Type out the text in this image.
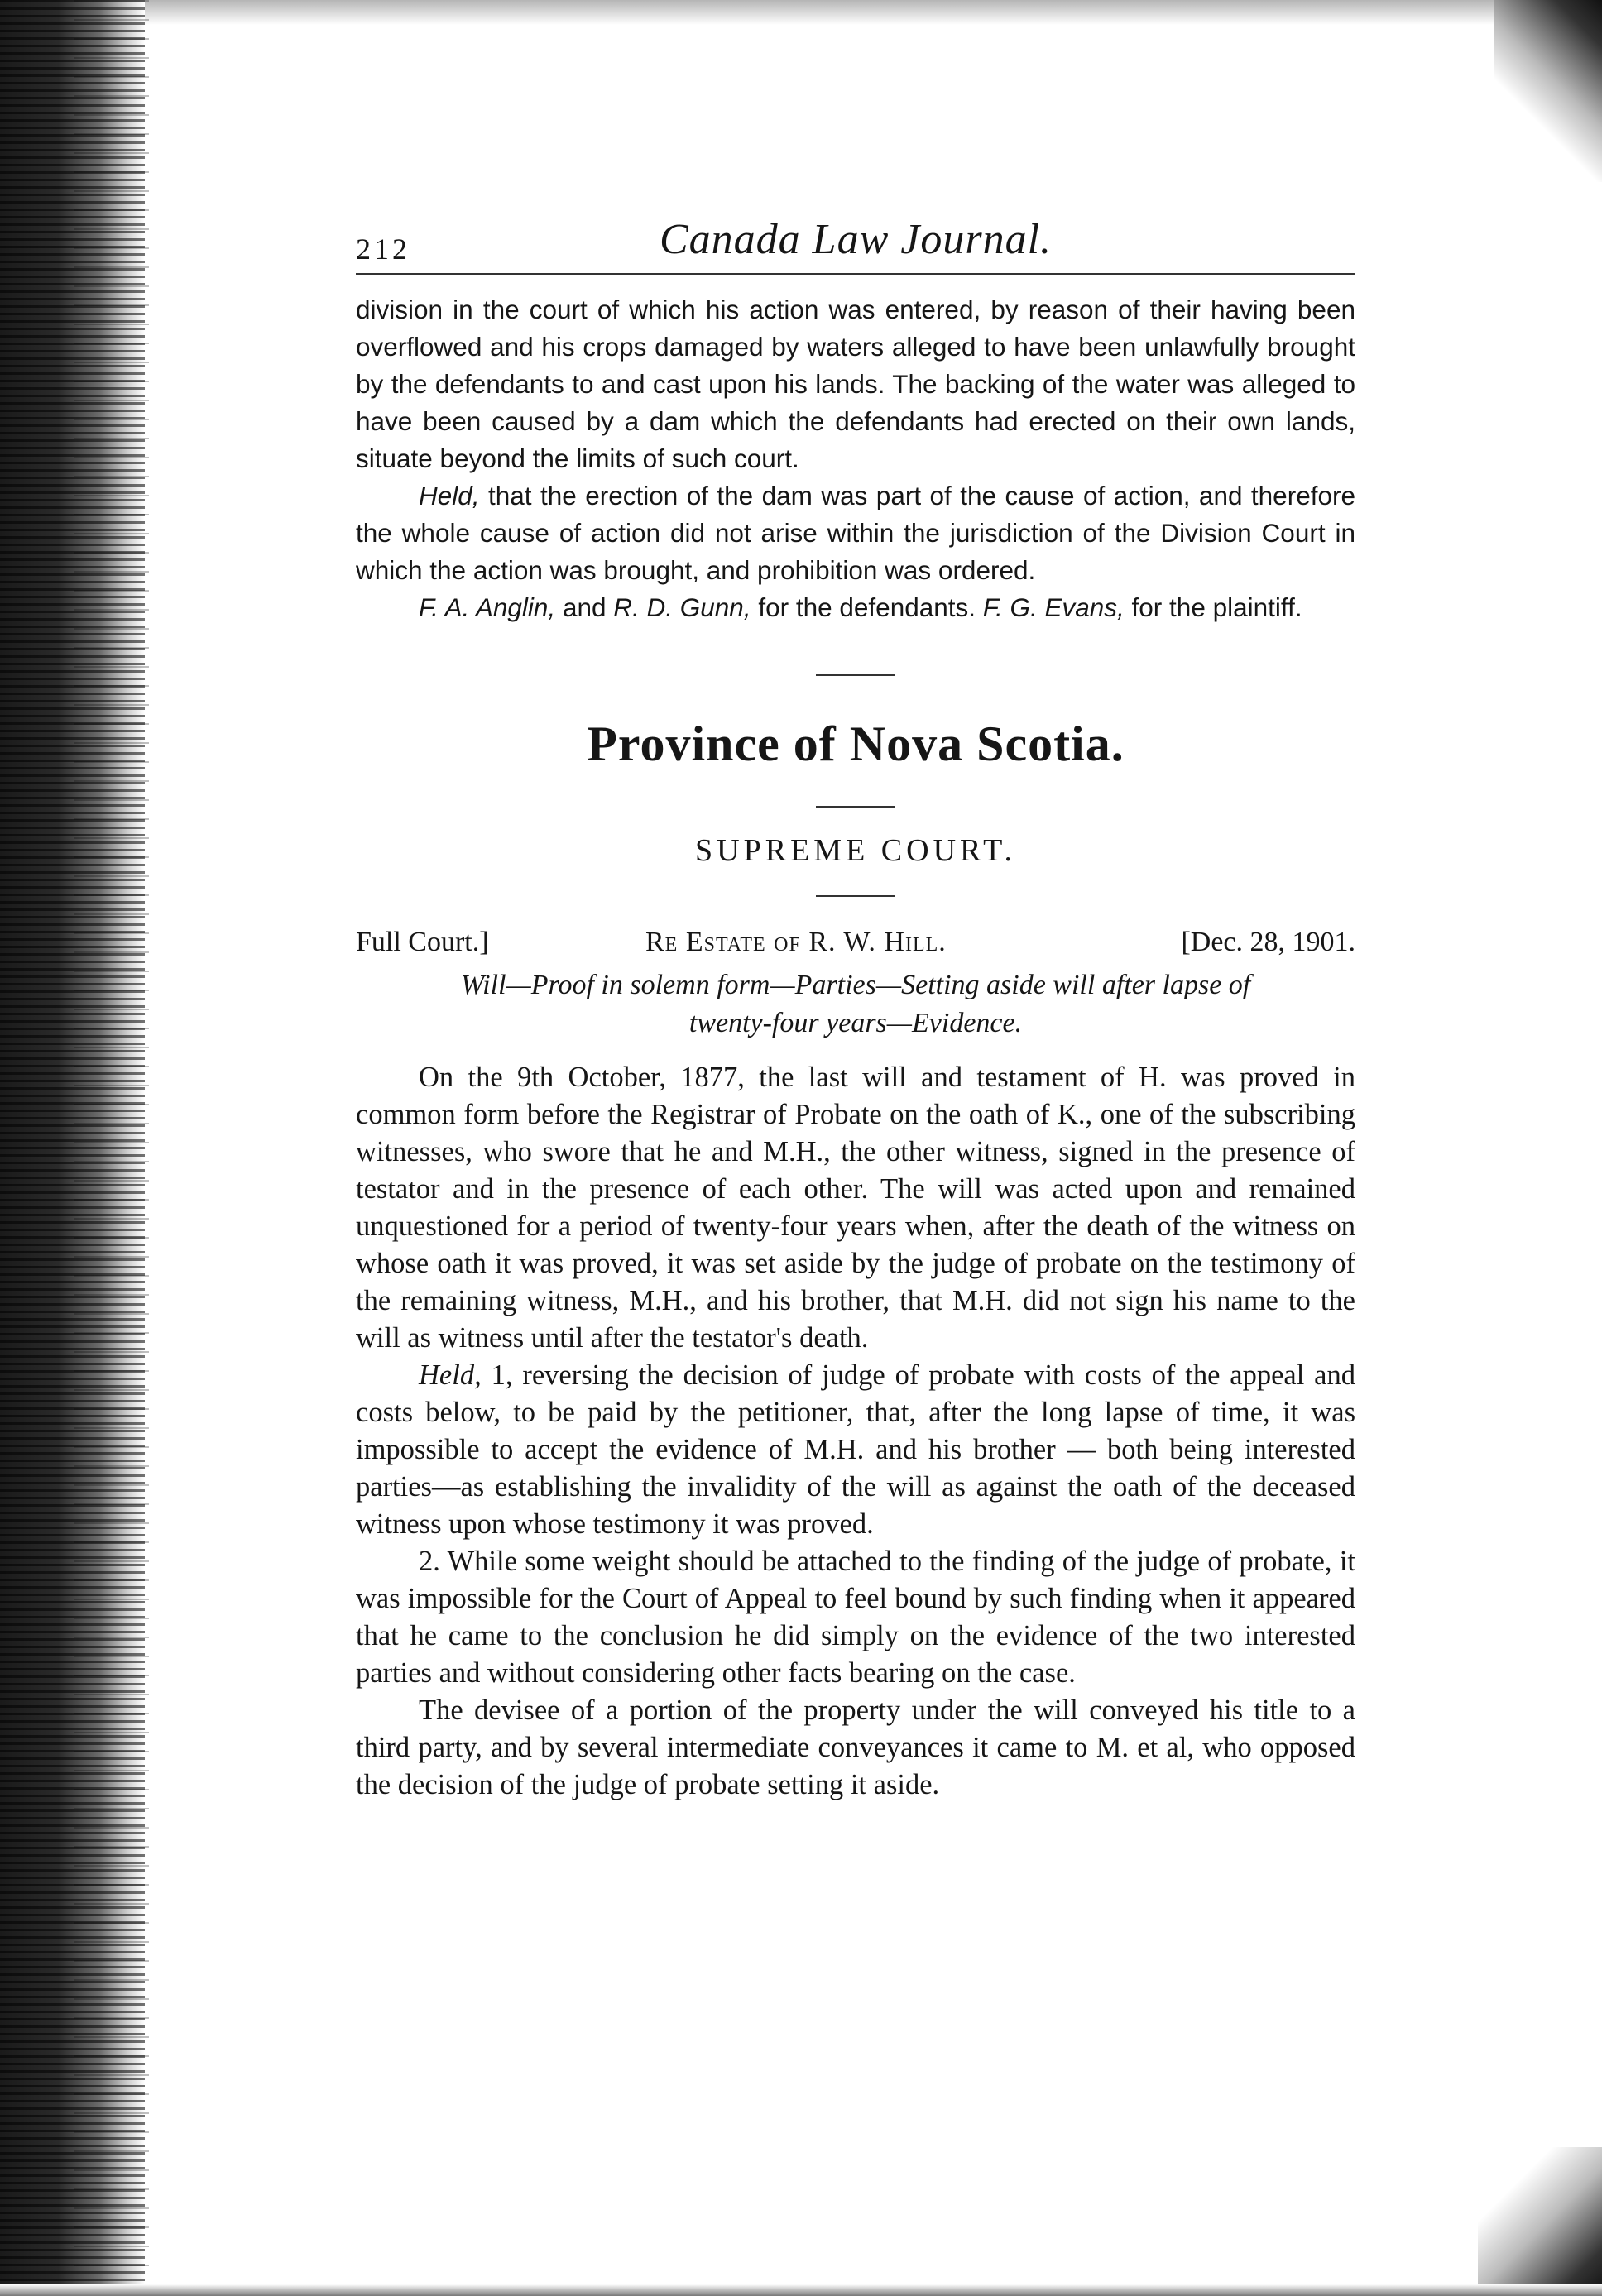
212	Canada Law Journal.

division in the court of which his action was entered, by reason of their having been overflowed and his crops damaged by waters alleged to have been unlawfully brought by the defendants to and cast upon his lands. The backing of the water was alleged to have been caused by a dam which the defendants had erected on their own lands, situate beyond the limits of such court.

Held, that the erection of the dam was part of the cause of action, and therefore the whole cause of action did not arise within the jurisdiction of the Division Court in which the action was brought, and prohibition was ordered.

F. A. Anglin, and R. D. Gunn, for the defendants. F. G. Evans, for the plaintiff.

Province of Nova Scotia.
SUPREME COURT.
Full Court.]	Re Estate of R. W. Hill.	[Dec. 28, 1901.
Will—Proof in solemn form—Parties—Setting aside will after lapse of
twenty-four years—Evidence.

On the 9th October, 1877, the last will and testament of H. was proved in common form before the Registrar of Probate on the oath of K., one of the subscribing witnesses, who swore that he and M.H., the other witness, signed in the presence of testator and in the presence of each other. The will was acted upon and remained unquestioned for a period of twenty-four years when, after the death of the witness on whose oath it was proved, it was set aside by the judge of probate on the testimony of the remaining witness, M.H., and his brother, that M.H. did not sign his name to the will as witness until after the testator's death.

Held, 1, reversing the decision of judge of probate with costs of the appeal and costs below, to be paid by the petitioner, that, after the long lapse of time, it was impossible to accept the evidence of M.H. and his brother — both being interested parties—as establishing the invalidity of the will as against the oath of the deceased witness upon whose testimony it was proved.

2. While some weight should be attached to the finding of the judge of probate, it was impossible for the Court of Appeal to feel bound by such finding when it appeared that he came to the conclusion he did simply on the evidence of the two interested parties and without considering other facts bearing on the case.

The devisee of a portion of the property under the will conveyed his title to a third party, and by several intermediate conveyances it came to M. et al, who opposed the decision of the judge of probate setting it aside.
